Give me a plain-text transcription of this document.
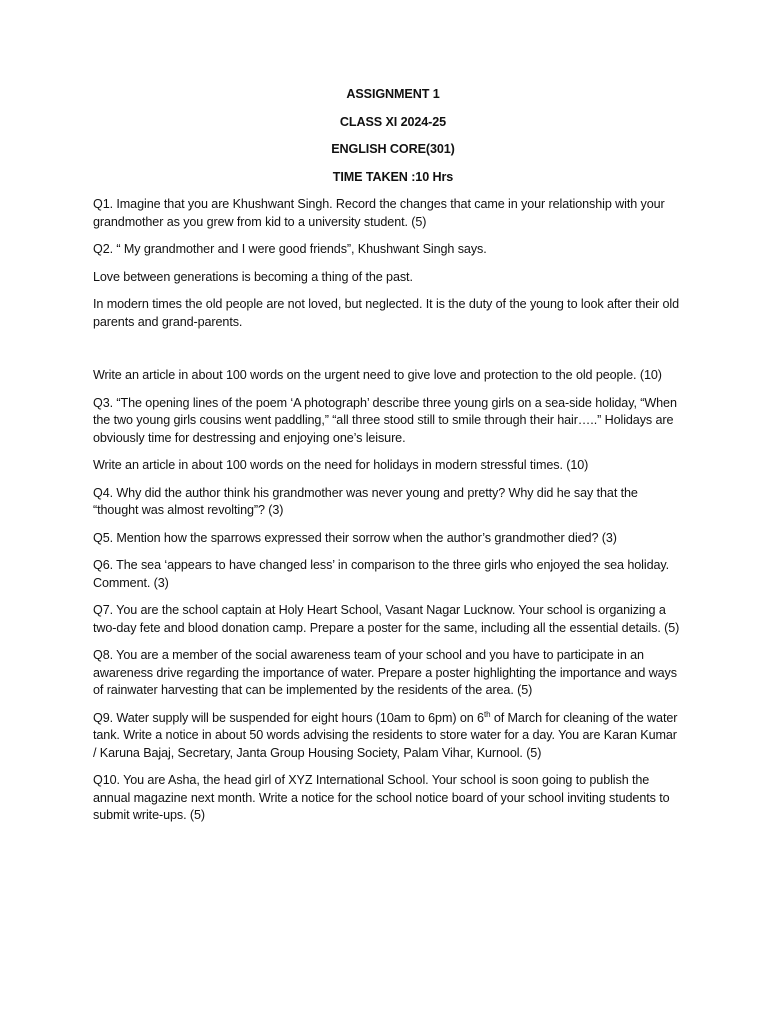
ASSIGNMENT 1
CLASS XI 2024-25
ENGLISH CORE(301)
TIME TAKEN :10 Hrs
Q1. Imagine that you are Khushwant Singh. Record the changes that came in your relationship with your grandmother as you grew from kid to a university student. (5)
Q2. “ My grandmother and I were good friends”, Khushwant Singh says.
Love between generations is becoming a thing of the past.
In modern times the old people are not loved, but neglected. It is the duty of the young to look after their old parents and grand-parents.
Write an article in about 100 words on the urgent need to give love and protection to the old people. (10)
Q3. “The opening lines of the poem ‘A photograph’ describe three young girls on a sea-side holiday, “When the two young girls cousins went paddling,” “all three stood still to smile through their hair…..” Holidays are obviously time for destressing and enjoying one’s leisure.
Write an article in about 100 words on the need for holidays in modern stressful times. (10)
Q4. Why did the author think his grandmother was never young and pretty? Why did he say that the “thought was almost revolting”? (3)
Q5. Mention how the sparrows expressed their sorrow when the author’s grandmother died? (3)
Q6. The sea ‘appears to have changed less’ in comparison to the three girls who enjoyed the sea holiday. Comment. (3)
Q7. You are the school captain at Holy Heart School, Vasant Nagar Lucknow. Your school is organizing a two-day fete and blood donation camp. Prepare a poster for the same, including all the essential details. (5)
Q8. You are a member of the social awareness team of your school and you have to participate in an awareness drive regarding the importance of water. Prepare a poster highlighting the importance and ways of rainwater harvesting that can be implemented by the residents of the area. (5)
Q9. Water supply will be suspended for eight hours (10am to 6pm) on 6th of March for cleaning of the water tank. Write a notice in about 50 words advising the residents to store water for a day. You are Karan Kumar / Karuna Bajaj, Secretary, Janta Group Housing Society, Palam Vihar, Kurnool. (5)
Q10. You are Asha, the head girl of XYZ International School. Your school is soon going to publish the annual magazine next month. Write a notice for the school notice board of your school inviting students to submit write-ups. (5)
